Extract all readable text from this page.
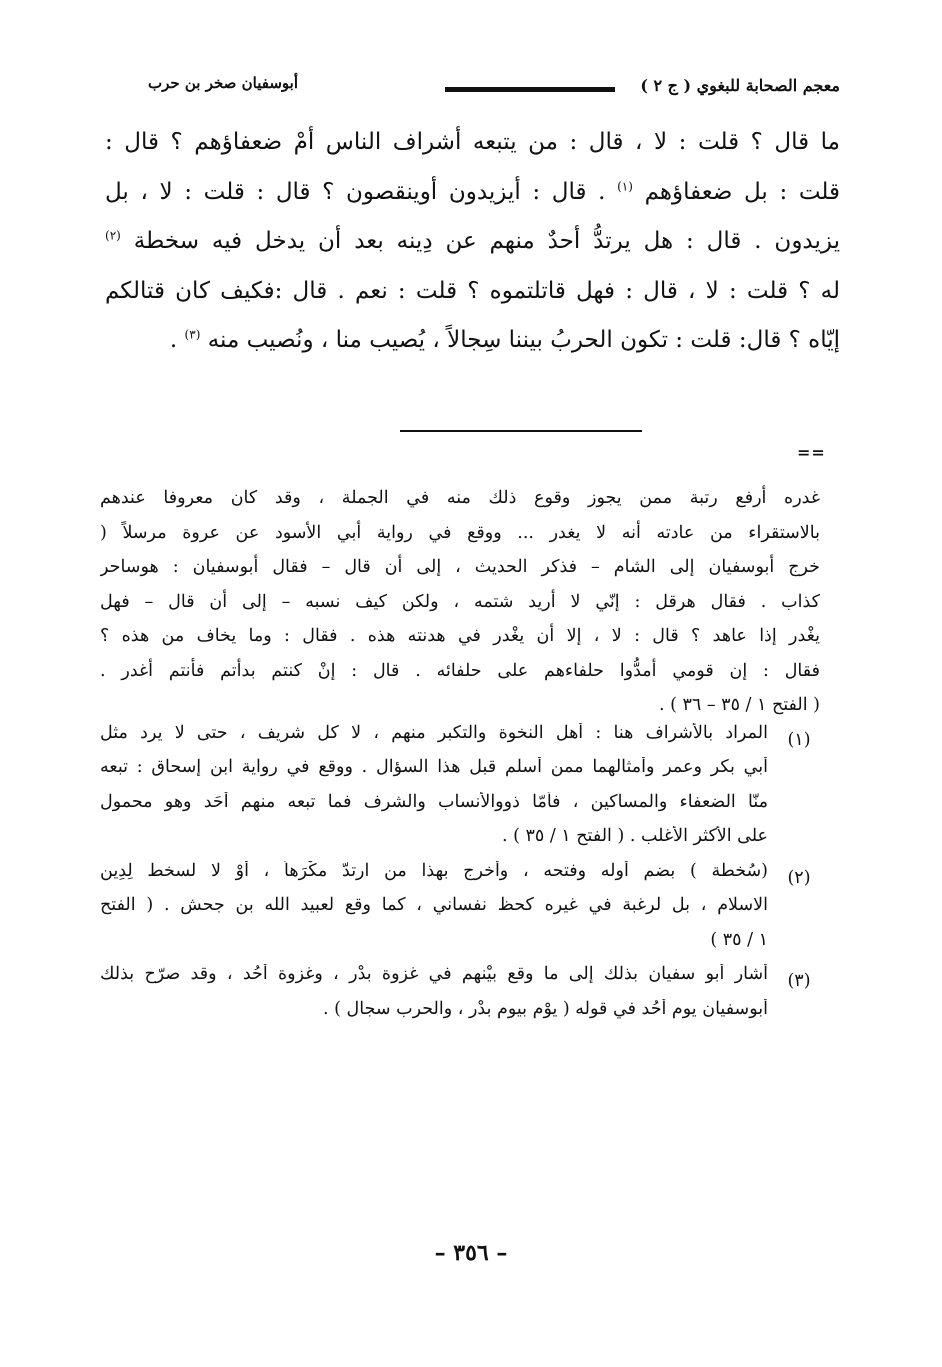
معجم الصحابة للبغوي ( ج ٢ )
أبوسفيان صخر بن حرب
ما قال ؟ قلت : لا ، قال : من يتبعه أشراف الناس أمْ ضعفاؤهم ؟ قال :
قلت : بل ضعفاؤهم $^{(١)}$ . قال : أيزيدون أوينقصون ؟ قال : قلت : لا ، بل
يزيدون . قال : هل يرتدُّ أحدٌ منهم عن دِينه بعد أن يدخل فيه سخطة $^{(٢)}$
له ؟ قلت : لا ، قال : فهل قاتلتموه ؟ قلت : نعم . قال :فكيف كان قتالكم
إيّاه ؟ قال: قلت : تكون الحربُ بيننا سِجالاً ، يُصيب منا ، ونُصيب منه $^{(٣)}$ .
==
غدره أرفع رتبة ممن يجوز وقوع ذلك منه في الجملة ، وقد كان معروفا عندهم
بالاستقراء من عادته أنه لا يغدر ... ووقع في رواية أبي الأسود عن عروة مرسلاً (
خرج أبوسفيان إلى الشام – فذكر الحديث ، إلى أن قال – فقال أبوسفيان : هوساحر
كذاب . فقال هرقل : إنّي لا أريد شتمه ، ولكن كيف نسبه – إلى أن قال – فهل
يغْدر إذا عاهد ؟ قال : لا ، إلا أن يغْدر في هدنته هذه . فقال : وما يخاف من هذه ؟
فقال : إن قومي أمدُّوا حلفاءهم على حلفائه . قال : إنْ كنتم بدأتم فأنتم أغدر .
( الفتح ١ / ٣٥ – ٣٦ ) .
(١)
المراد بالأشراف هنا : أهل النخوة والتكبر منهم ، لا كل شريف ، حتى لا يرد مثل
أبي بكر وعمر وأمثالهما ممن أسلم قبل هذا السؤال . ووقع في رواية ابن إسحاق : تبعه
منّا الضعفاء والمساكين ، فأمّا ذووالأنساب والشرف فما تبعه منهم أحَد وهو محمول
على الأكثر الأغلب . ( الفتح ١ / ٣٥ ) .
(٢)
(سُخطة ) بضم أوله وفتحه ، وأخرج بهذا من ارتدّ مكْرَهاً ، أوْ لا لسخط لِدِين
الاسلام ، بل لرغبة في غيره كحظ نفساني ، كما وقع لعبيد الله بن جحش . ( الفتح
١ / ٣٥ )
(٣)
أشار أبو سفيان بذلك إلى ما وقع بيْنهم في غزوة بدْر ، وغزوة أُحُد ، وقد صرّح بذلك
أبوسفيان يوم أُحُد في قوله ( يوْم بيوم بدْر ، والحرب سجال ) .
– ٣٥٦ –
